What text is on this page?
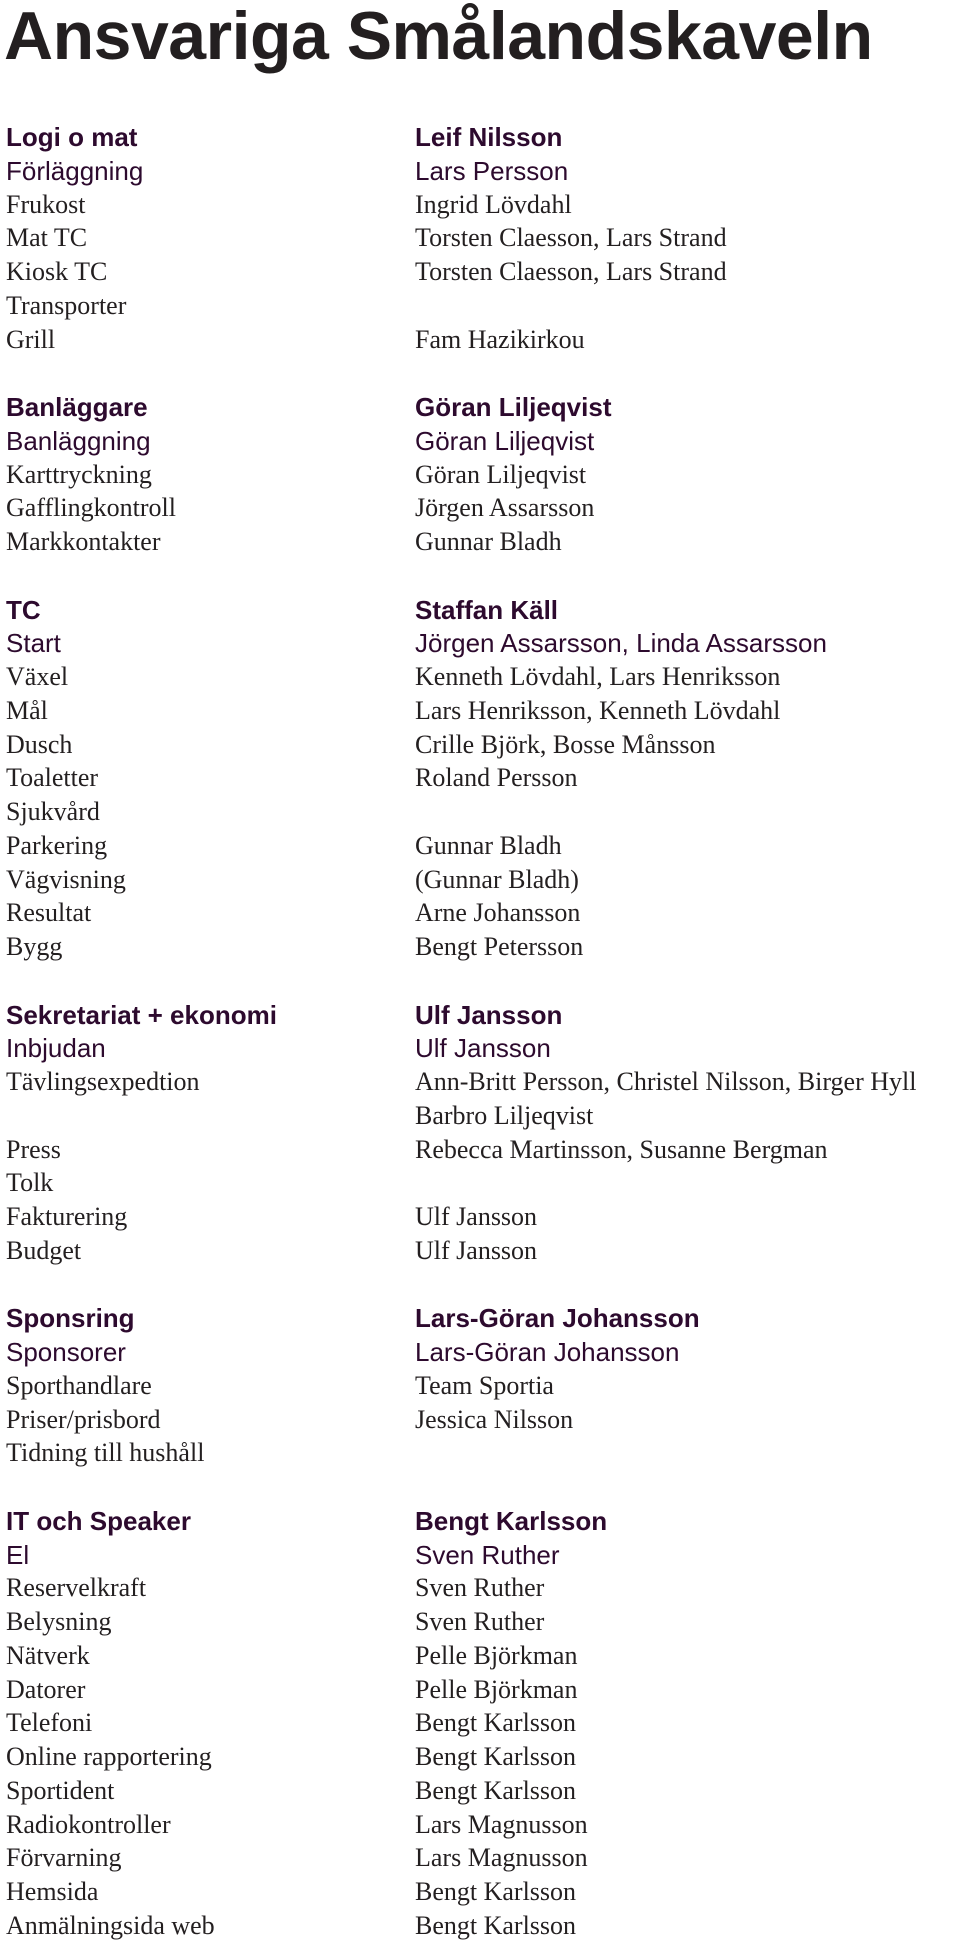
Ansvariga Smålandskaveln
Logi o mat	Leif Nilsson
Förläggning	Lars Persson
Frukost	Ingrid Lövdahl
Mat TC	Torsten Claesson, Lars Strand
Kiosk TC	Torsten Claesson, Lars Strand
Transporter
Grill	Fam Hazikirkou
Banläggare	Göran Liljeqvist
Banläggning	Göran Liljeqvist
Karttryckning	Göran Liljeqvist
Gafflingkontroll	Jörgen Assarsson
Markkontakter	Gunnar Bladh
TC	Staffan Käll
Start	Jörgen Assarsson, Linda Assarsson
Växel	Kenneth Lövdahl, Lars Henriksson
Mål	Lars Henriksson, Kenneth Lövdahl
Dusch	Crille Björk, Bosse Månsson
Toaletter	Roland Persson
Sjukvård
Parkering	Gunnar Bladh
Vägvisning	(Gunnar Bladh)
Resultat	Arne Johansson
Bygg	Bengt Petersson
Sekretariat + ekonomi	Ulf Jansson
Inbjudan	Ulf Jansson
Tävlingsexpedtion	Ann-Britt Persson, Christel Nilsson, Birger Hyll
Barbro Liljeqvist
Press	Rebecca Martinsson, Susanne Bergman
Tolk
Fakturering	Ulf Jansson
Budget	Ulf Jansson
Sponsring	Lars-Göran Johansson
Sponsorer	Lars-Göran Johansson
Sporthandlare	Team Sportia
Priser/prisbord	Jessica Nilsson
Tidning till hushåll
IT och Speaker	Bengt Karlsson
El	Sven Ruther
Reservelkraft	Sven Ruther
Belysning	Sven Ruther
Nätverk	Pelle Björkman
Datorer	Pelle Björkman
Telefoni	Bengt Karlsson
Online rapportering	Bengt Karlsson
Sportident	Bengt Karlsson
Radiokontroller	Lars Magnusson
Förvarning	Lars Magnusson
Hemsida	Bengt Karlsson
Anmälningsida web	Bengt Karlsson
